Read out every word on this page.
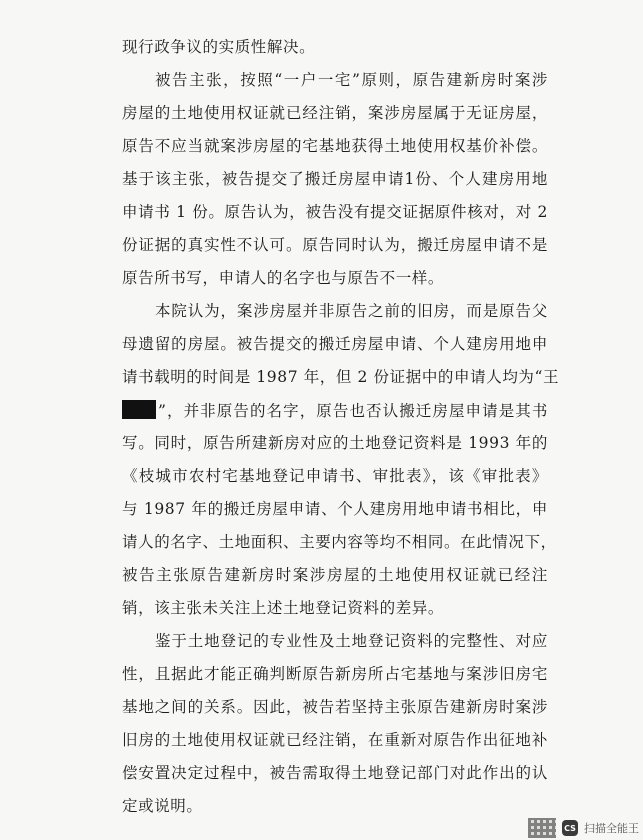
现行政争议的实质性解决。
被告主张，按照“一户一宅”原则，原告建新房时案涉
房屋的土地使用权证就已经注销，案涉房屋属于无证房屋，
原告不应当就案涉房屋的宅基地获得土地使用权基价补偿。
基于该主张，被告提交了搬迁房屋申请1份、个人建房用地
申请书 1 份。原告认为，被告没有提交证据原件核对，对 2
份证据的真实性不认可。原告同时认为，搬迁房屋申请不是
原告所书写，申请人的名字也与原告不一样。
本院认为，案涉房屋并非原告之前的旧房，而是原告父
母遗留的房屋。被告提交的搬迁房屋申请、个人建房用地申
请书载明的时间是 1987 年，但 2 份证据中的申请人均为“王
”，并非原告的名字，原告也否认搬迁房屋申请是其书
写。同时，原告所建新房对应的土地登记资料是 1993 年的
《枝城市农村宅基地登记申请书、审批表》，该《审批表》
与 1987 年的搬迁房屋申请、个人建房用地申请书相比，申
请人的名字、土地面积、主要内容等均不相同。在此情况下，
被告主张原告建新房时案涉房屋的土地使用权证就已经注
销，该主张未关注上述土地登记资料的差异。
鉴于土地登记的专业性及土地登记资料的完整性、对应
性，且据此才能正确判断原告新房所占宅基地与案涉旧房宅
基地之间的关系。因此，被告若坚持主张原告建新房时案涉
旧房的土地使用权证就已经注销，在重新对原告作出征地补
偿安置决定过程中，被告需取得土地登记部门对此作出的认
定或说明。
CS 扫描全能王
